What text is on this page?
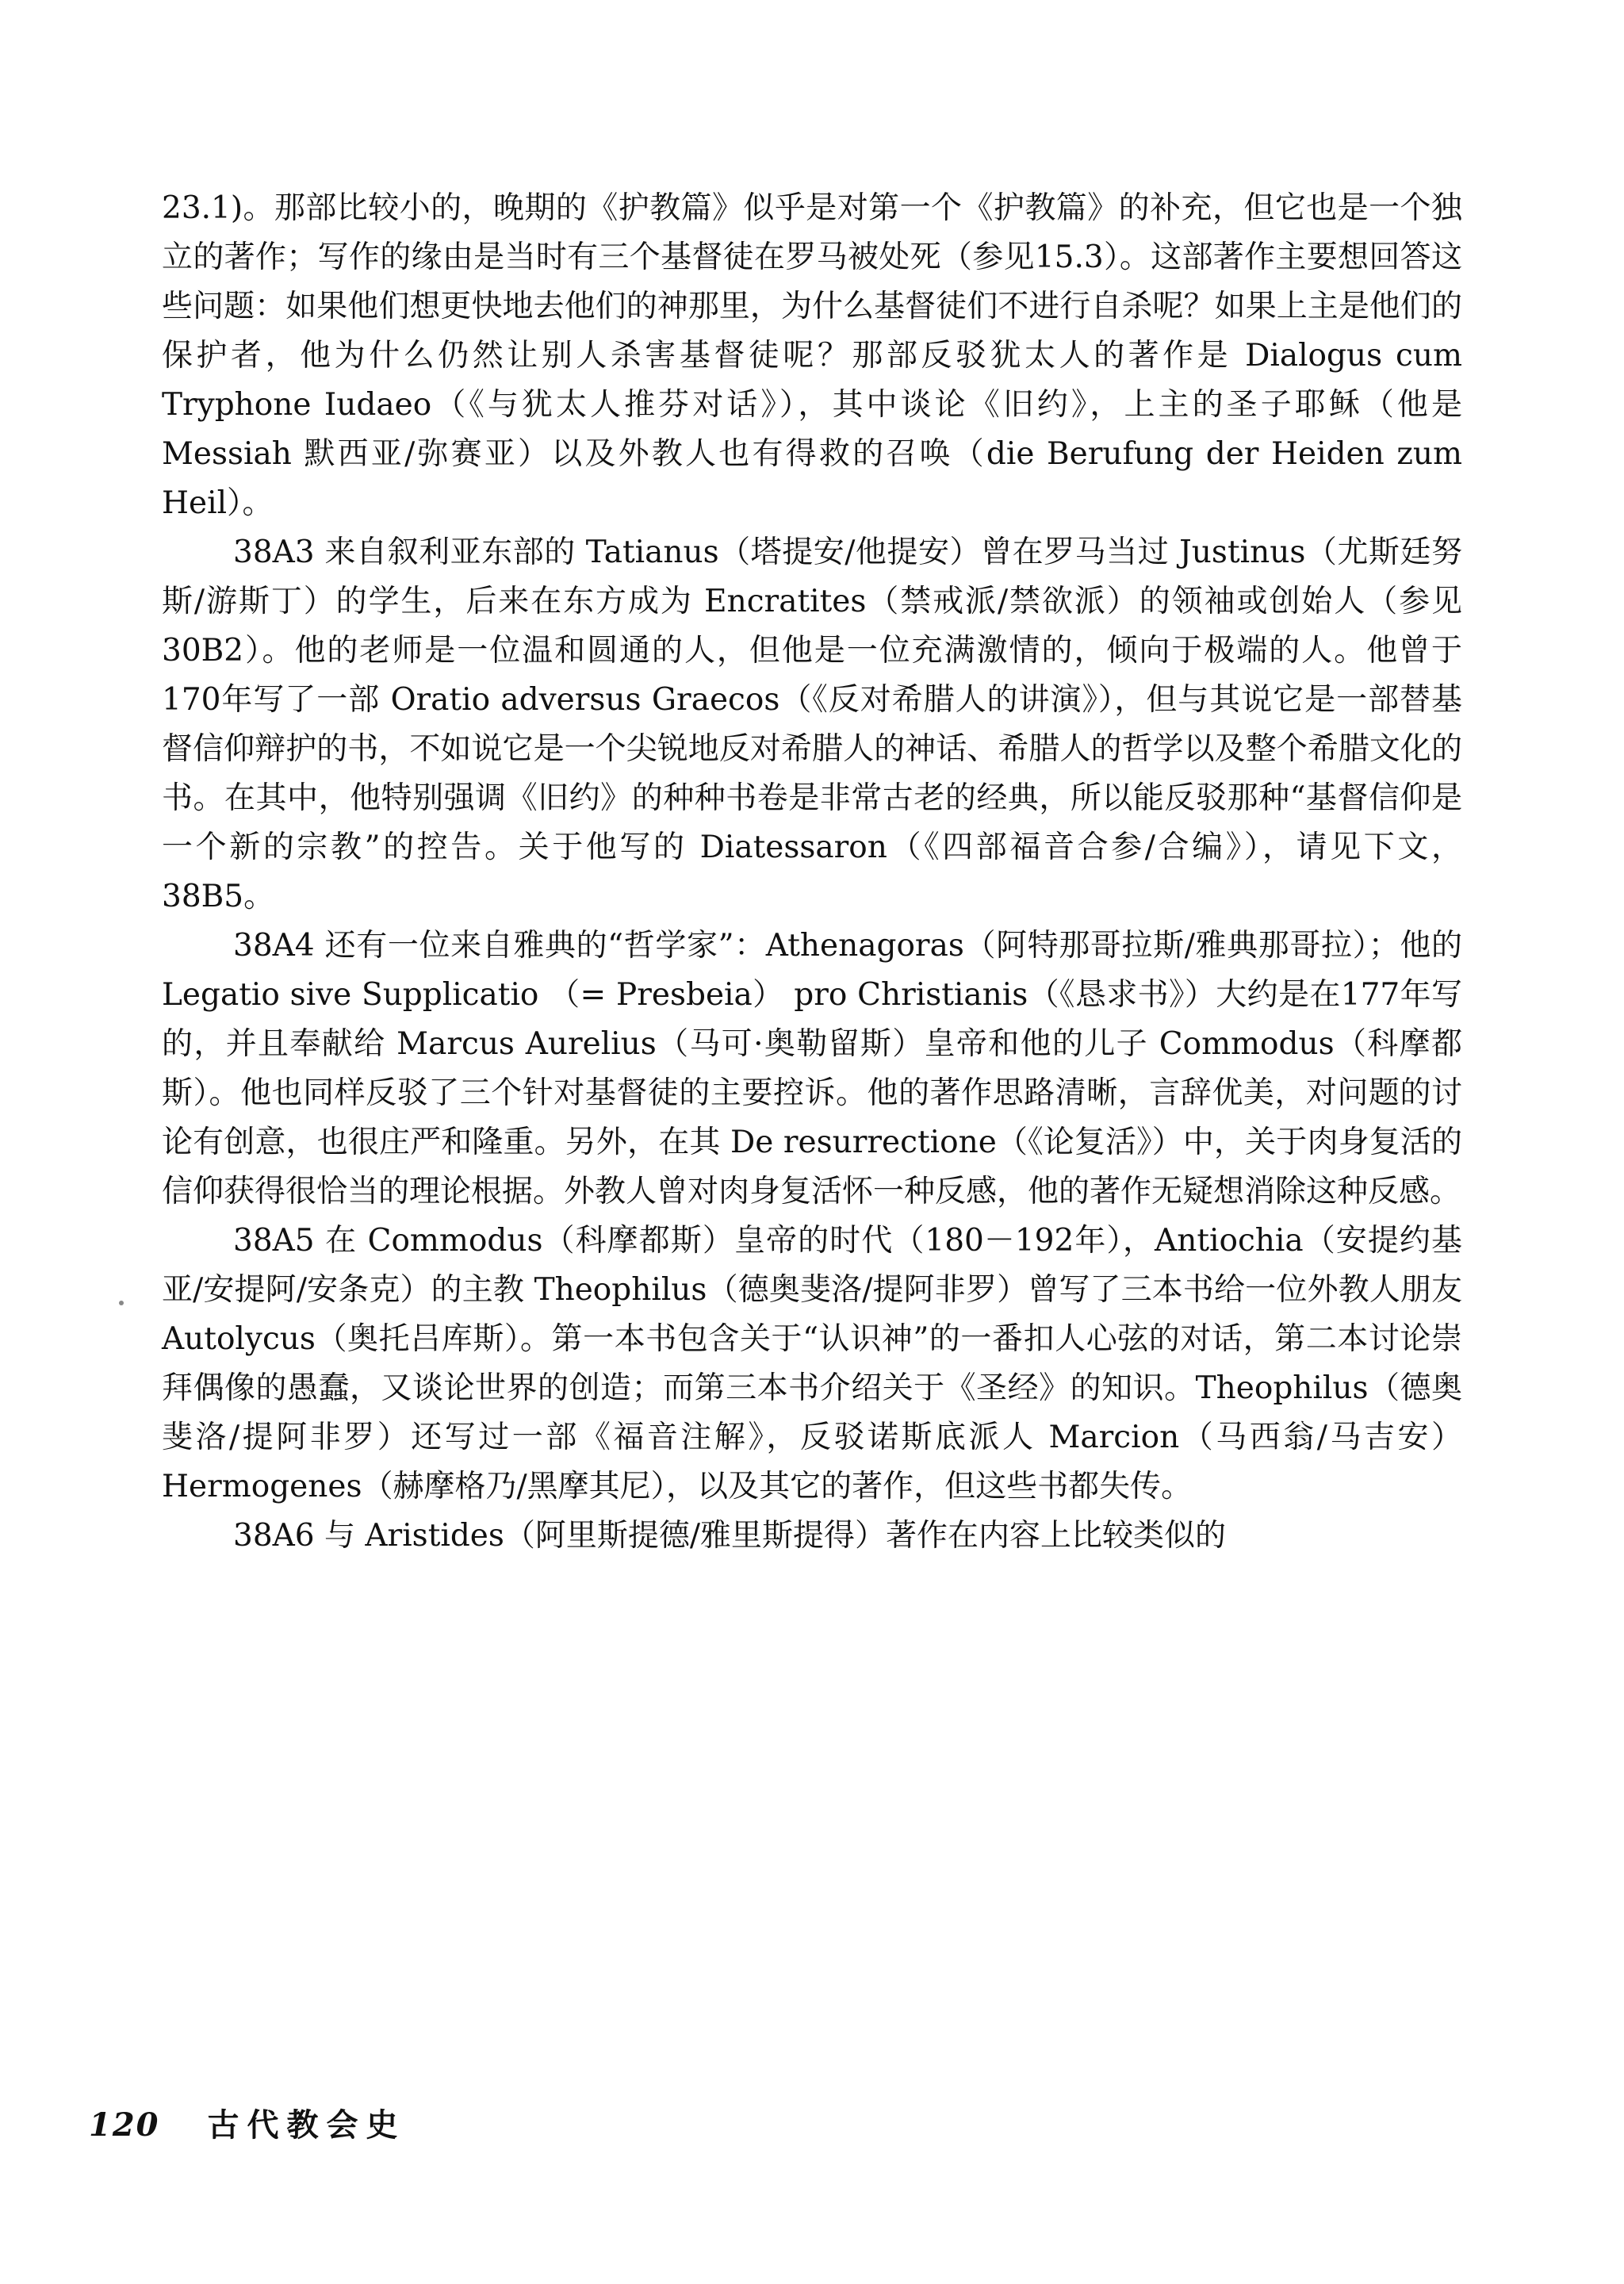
23.1)。那部比较小的，晚期的《护教篇》似乎是对第一个《护教篇》的补充，但它也是一个独立的著作；写作的缘由是当时有三个基督徒在罗马被处死（参见15.3）。这部著作主要想回答这些问题：如果他们想更快地去他们的神那里，为什么基督徒们不进行自杀呢？如果上主是他们的保护者，他为什么仍然让别人杀害基督徒呢？那部反驳犹太人的著作是 Dialogus cum Tryphone Iudaeo（《与犹太人推芬对话》），其中谈论《旧约》，上主的圣子耶稣（他是 Messiah 默西亚/弥赛亚）以及外教人也有得救的召唤（die Berufung der Heiden zum Heil）。

38A3 来自叙利亚东部的 Tatianus（塔提安/他提安）曾在罗马当过 Justinus（尤斯廷努斯/游斯丁）的学生，后来在东方成为 Encratites（禁戒派/禁欲派）的领袖或创始人（参见30B2）。他的老师是一位温和圆通的人，但他是一位充满激情的，倾向于极端的人。他曾于170年写了一部 Oratio adversus Graecos（《反对希腊人的讲演》），但与其说它是一部替基督信仰辩护的书，不如说它是一个尖锐地反对希腊人的神话、希腊人的哲学以及整个希腊文化的书。在其中，他特别强调《旧约》的种种书卷是非常古老的经典，所以能反驳那种“基督信仰是一个新的宗教”的控告。关于他写的 Diatessaron（《四部福音合参/合编》），请见下文，38B5。

38A4 还有一位来自雅典的“哲学家”：Athenagoras（阿特那哥拉斯/雅典那哥拉）；他的 Legatio sive Supplicatio （= Presbeia） pro Christianis（《恳求书》）大约是在177年写的，并且奉献给 Marcus Aurelius（马可·奥勒留斯）皇帝和他的儿子 Commodus（科摩都斯）。他也同样反驳了三个针对基督徒的主要控诉。他的著作思路清晰，言辞优美，对问题的讨论有创意，也很庄严和隆重。另外，在其 De resurrectione（《论复活》）中，关于肉身复活的信仰获得很恰当的理论根据。外教人曾对肉身复活怀一种反感，他的著作无疑想消除这种反感。

38A5 在 Commodus（科摩都斯）皇帝的时代（180－192年），Antiochia（安提约基亚/安提阿/安条克）的主教 Theophilus（德奥斐洛/提阿非罗）曾写了三本书给一位外教人朋友 Autolycus（奥托吕库斯）。第一本书包含关于“认识神”的一番扣人心弦的对话，第二本讨论崇拜偶像的愚蠢，又谈论世界的创造；而第三本书介绍关于《圣经》的知识。Theophilus（德奥斐洛/提阿非罗）还写过一部《福音注解》，反驳诺斯底派人 Marcion（马西翁/马吉安）Hermogenes（赫摩格乃/黑摩其尼），以及其它的著作，但这些书都失传。

38A6 与 Aristides（阿里斯提德/雅里斯提得）著作在内容上比较类似的

120 古代教会史
